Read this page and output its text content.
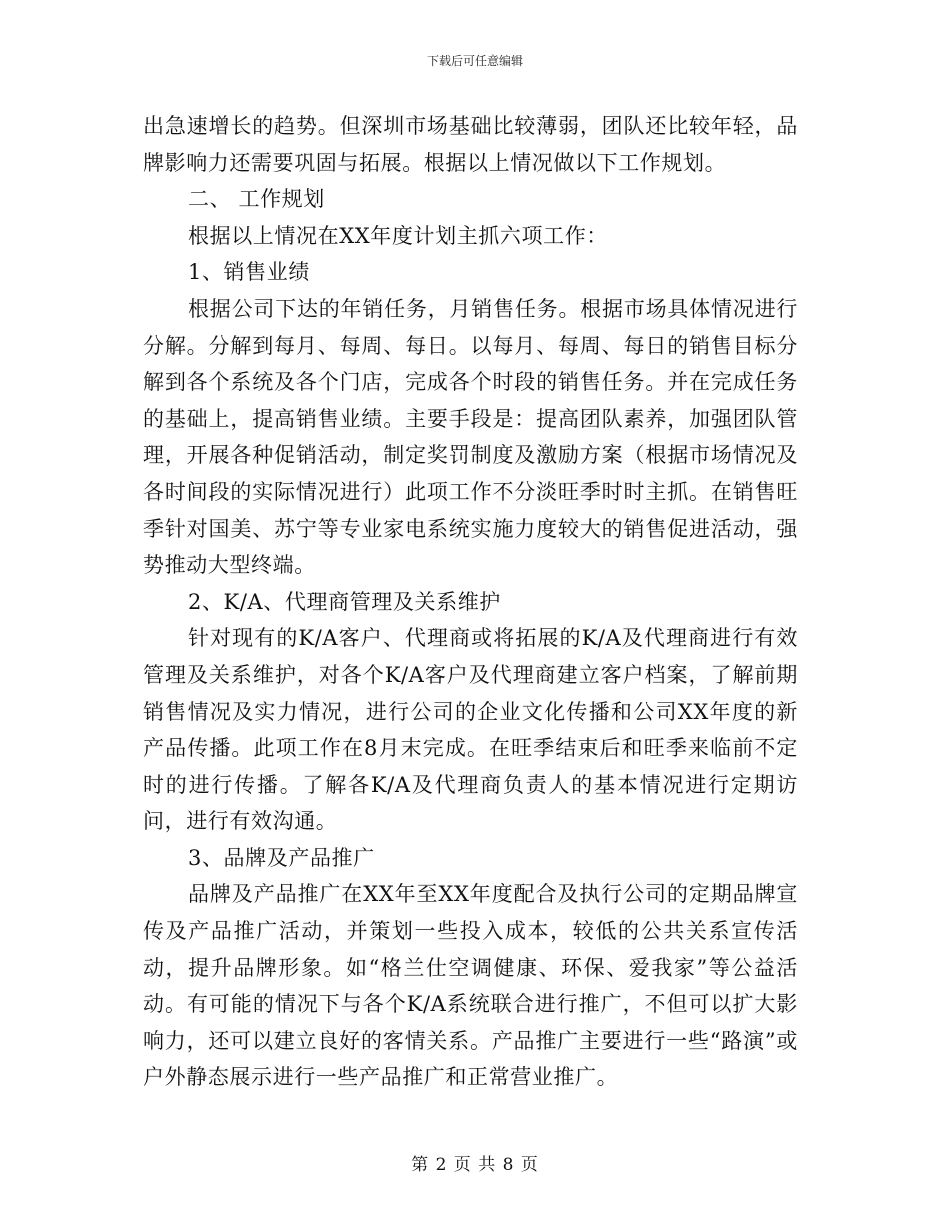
下载后可任意编辑

出急速增长的趋势。但深圳市场基础比较薄弱，团队还比较年轻，品牌影响力还需要巩固与拓展。根据以上情况做以下工作规划。

二、 工作规划

根据以上情况在XX年度计划主抓六项工作：

1、销售业绩

根据公司下达的年销任务，月销售任务。根据市场具体情况进行分解。分解到每月、每周、每日。以每月、每周、每日的销售目标分解到各个系统及各个门店，完成各个时段的销售任务。并在完成任务的基础上，提高销售业绩。主要手段是：提高团队素养，加强团队管理，开展各种促销活动，制定奖罚制度及激励方案（根据市场情况及各时间段的实际情况进行）此项工作不分淡旺季时时主抓。在销售旺季针对国美、苏宁等专业家电系统实施力度较大的销售促进活动，强势推动大型终端。

2、K/A、代理商管理及关系维护

针对现有的K/A客户、代理商或将拓展的K/A及代理商进行有效管理及关系维护，对各个K/A客户及代理商建立客户档案，了解前期销售情况及实力情况，进行公司的企业文化传播和公司XX年度的新产品传播。此项工作在8月末完成。在旺季结束后和旺季来临前不定时的进行传播。了解各K/A及代理商负责人的基本情况进行定期访问，进行有效沟通。

3、品牌及产品推广

品牌及产品推广在XX年至XX年度配合及执行公司的定期品牌宣传及产品推广活动，并策划一些投入成本，较低的公共关系宣传活动，提升品牌形象。如“格兰仕空调健康、环保、爱我家”等公益活动。有可能的情况下与各个K/A系统联合进行推广，不但可以扩大影响力，还可以建立良好的客情关系。产品推广主要进行一些“路演”或户外静态展示进行一些产品推广和正常营业推广。

第 2 页 共 8 页
